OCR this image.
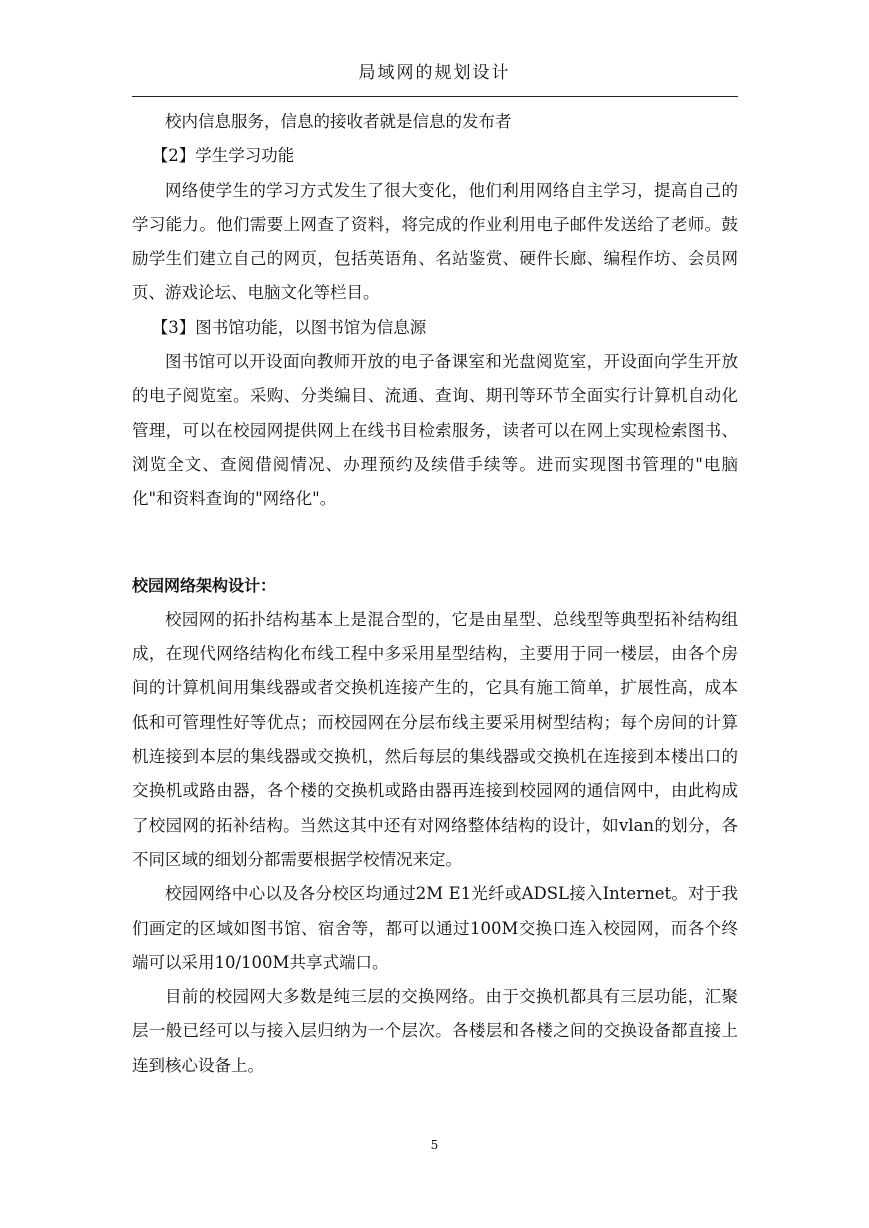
局域网的规划设计

校内信息服务，信息的接收者就是信息的发布者

【2】学生学习功能

网络使学生的学习方式发生了很大变化，他们利用网络自主学习，提高自己的学习能力。他们需要上网查了资料，将完成的作业利用电子邮件发送给了老师。鼓励学生们建立自己的网页，包括英语角、名站鉴赏、硬件长廊、编程作坊、会员网页、游戏论坛、电脑文化等栏目。

【3】图书馆功能，以图书馆为信息源

图书馆可以开设面向教师开放的电子备课室和光盘阅览室，开设面向学生开放的电子阅览室。采购、分类编目、流通、查询、期刊等环节全面实行计算机自动化管理，可以在校园网提供网上在线书目检索服务，读者可以在网上实现检索图书、浏览全文、查阅借阅情况、办理预约及续借手续等。进而实现图书管理的"电脑化"和资料查询的"网络化"。

校园网络架构设计：

校园网的拓扑结构基本上是混合型的，它是由星型、总线型等典型拓补结构组成，在现代网络结构化布线工程中多采用星型结构，主要用于同一楼层，由各个房间的计算机间用集线器或者交换机连接产生的，它具有施工简单，扩展性高，成本低和可管理性好等优点；而校园网在分层布线主要采用树型结构；每个房间的计算机连接到本层的集线器或交换机，然后每层的集线器或交换机在连接到本楼出口的交换机或路由器，各个楼的交换机或路由器再连接到校园网的通信网中，由此构成了校园网的拓补结构。当然这其中还有对网络整体结构的设计，如vlan的划分，各不同区域的细划分都需要根据学校情况来定。

校园网络中心以及各分校区均通过2M E1光纤或ADSL接入Internet。对于我们画定的区域如图书馆、宿舍等，都可以通过100M交换口连入校园网，而各个终端可以采用10/100M共享式端口。

目前的校园网大多数是纯三层的交换网络。由于交换机都具有三层功能，汇聚层一般已经可以与接入层归纳为一个层次。各楼层和各楼之间的交换设备都直接上连到核心设备上。

5
